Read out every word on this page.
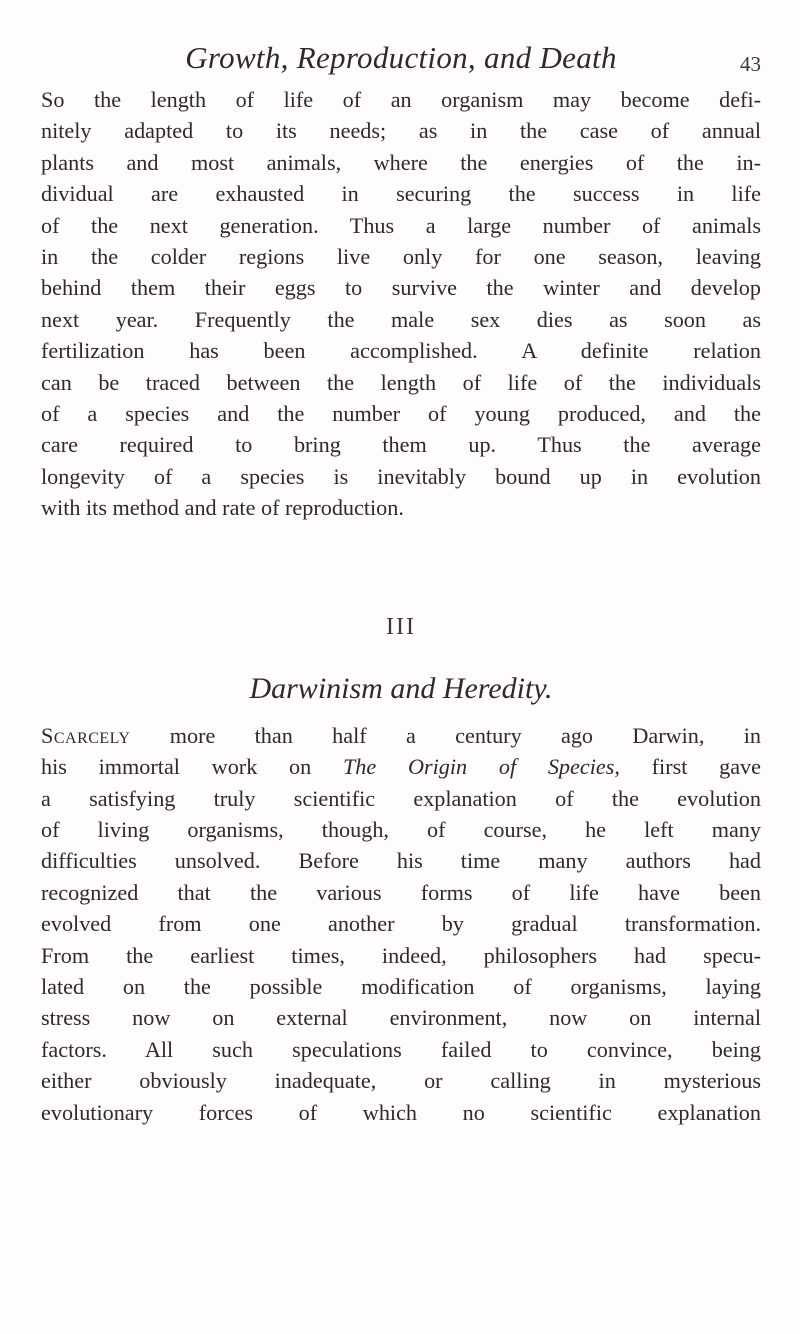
Growth, Reproduction, and Death	43

So the length of life of an organism may become defi-
nitely adapted to its needs; as in the case of annual
plants and most animals, where the energies of the in-
dividual are exhausted in securing the success in life
of the next generation. Thus a large number of animals
in the colder regions live only for one season, leaving
behind them their eggs to survive the winter and develop
next year. Frequently the male sex dies as soon as
fertilization has been accomplished. A definite relation
can be traced between the length of life of the individuals
of a species and the number of young produced, and the
care required to bring them up. Thus the average
longevity of a species is inevitably bound up in evolution
with its method and rate of reproduction.

III
Darwinism and Heredity.

Scarcely more than half a century ago Darwin, in
his immortal work on The Origin of Species, first gave
a satisfying truly scientific explanation of the evolution
of living organisms, though, of course, he left many
difficulties unsolved. Before his time many authors had
recognized that the various forms of life have been
evolved from one another by gradual transformation.
From the earliest times, indeed, philosophers had specu-
lated on the possible modification of organisms, laying
stress now on external environment, now on internal
factors. All such speculations failed to convince, being
either obviously inadequate, or calling in mysterious
evolutionary forces of which no scientific explanation
